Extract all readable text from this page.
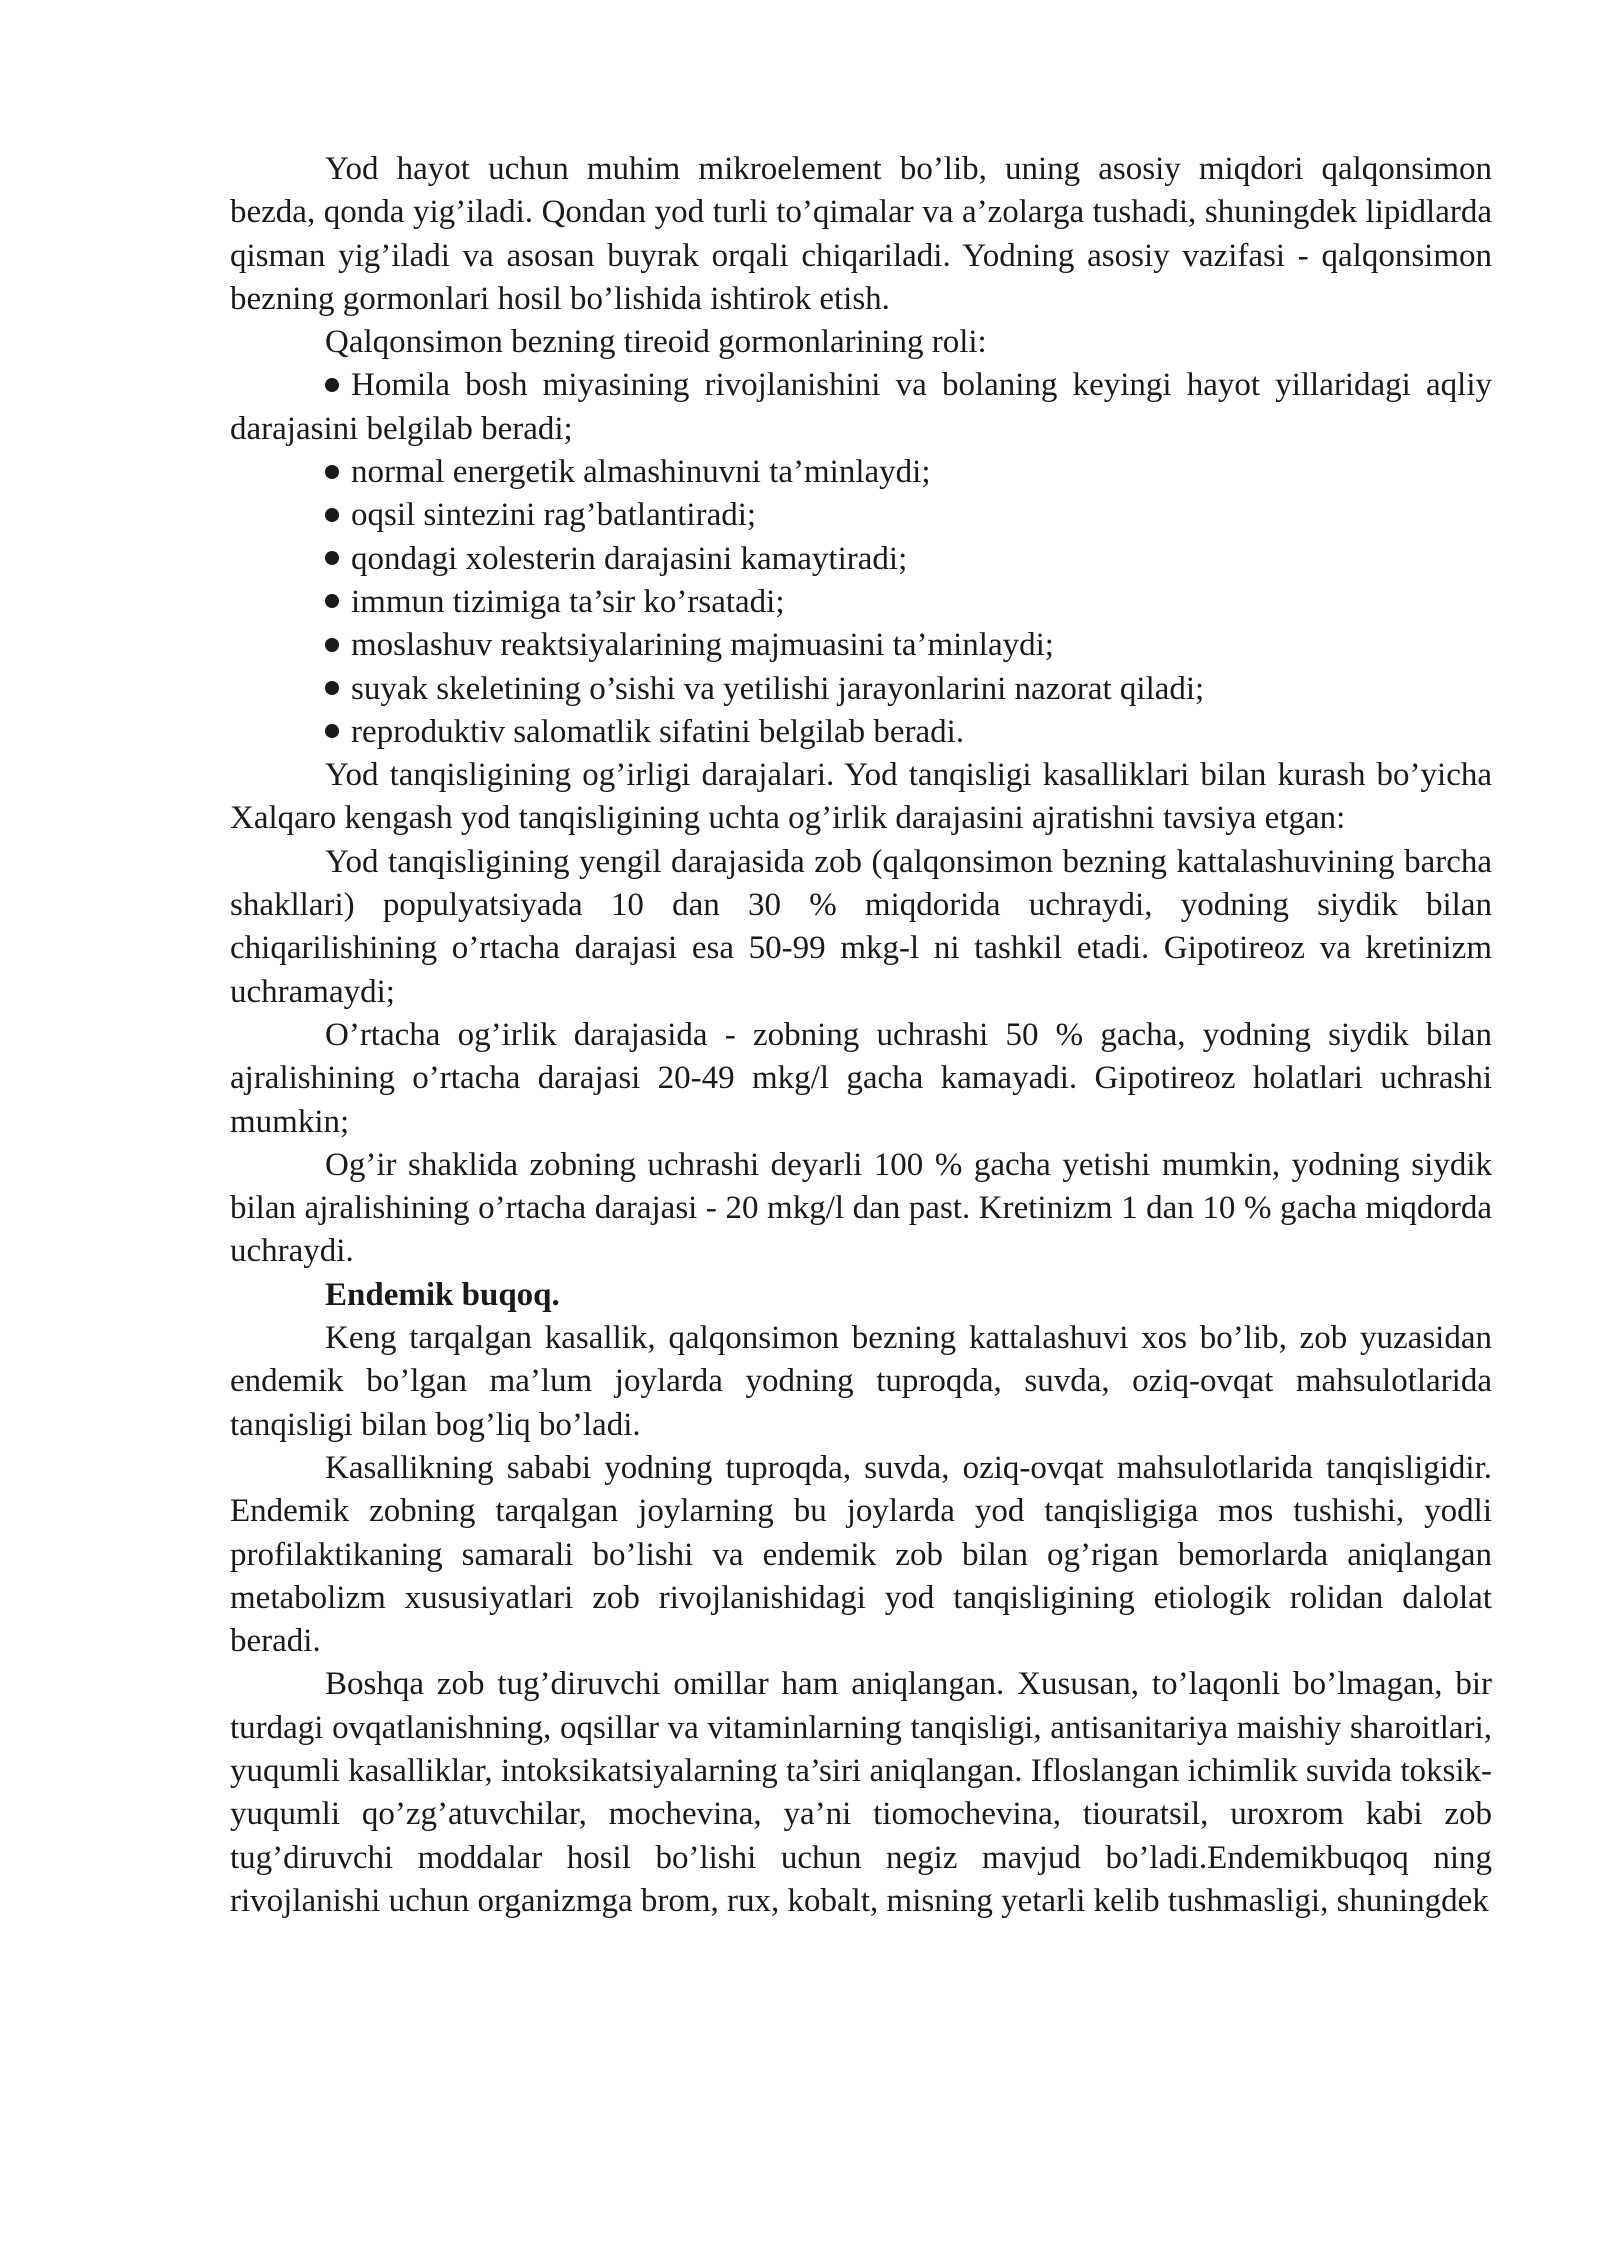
Yod hayot uchun muhim mikroelement bo’lib, uning asosiy miqdori qalqonsimon bezda, qonda yig’iladi. Qondan yod turli to’qimalar va a’zolarga tushadi, shuningdek lipidlarda qisman yig’iladi va asosan buyrak orqali chiqariladi. Yodning asosiy vazifasi - qalqonsimon bezning gormonlari hosil bo’lishida ishtirok etish.

Qalqonsimon bezning tireoid gormonlarining roli:

Homila bosh miyasining rivojlanishini va bolaning keyingi hayot yillaridagi aqliy darajasini belgilab beradi;
normal energetik almashinuvni ta’minlaydi;
oqsil sintezini rag’batlantiradi;
qondagi xolesterin darajasini kamaytiradi;
immun tizimiga ta’sir ko’rsatadi;
moslashuv reaktsiyalarining majmuasini ta’minlaydi;
suyak skeletining o’sishi va yetilishi jarayonlarini nazorat qiladi;
reproduktiv salomatlik sifatini belgilab beradi.

Yod tanqisligining og’irligi darajalari. Yod tanqisligi kasalliklari bilan kurash bo’yicha Xalqaro kengash yod tanqisligining uchta og’irlik darajasini ajratishni tavsiya etgan:

Yod tanqisligining yengil darajasida zob (qalqonsimon bezning kattalashuvining barcha shakllari) populyatsiyada 10 dan 30 % miqdorida uchraydi, yodning siydik bilan chiqarilishining o’rtacha darajasi esa 50-99 mkg-l ni tashkil etadi. Gipotireoz va kretinizm uchramaydi;

O’rtacha og’irlik darajasida - zobning uchrashi 50 % gacha, yodning siydik bilan ajralishining o’rtacha darajasi 20-49 mkg/l gacha kamayadi. Gipotireoz holatlari uchrashi mumkin;

Og’ir shaklida zobning uchrashi deyarli 100 % gacha yetishi mumkin, yodning siydik bilan ajralishining o’rtacha darajasi - 20 mkg/l dan past. Kretinizm 1 dan 10 % gacha miqdorda uchraydi.

Endemik buqoq.

Keng tarqalgan kasallik, qalqonsimon bezning kattalashuvi xos bo’lib, zob yuzasidan endemik bo’lgan ma’lum joylarda yodning tuproqda, suvda, oziq-ovqat mahsulotlarida tanqisligi bilan bog’liq bo’ladi.

Kasallikning sababi yodning tuproqda, suvda, oziq-ovqat mahsulotlarida tanqisligidir. Endemik zobning tarqalgan joylarning bu joylarda yod tanqisligiga mos tushishi, yodli profilaktikaning samarali bo’lishi va endemik zob bilan og’rigan bemorlarda aniqlangan metabolizm xususiyatlari zob rivojlanishidagi yod tanqisligining etiologik rolidan dalolat beradi.

Boshqa zob tug’diruvchi omillar ham aniqlangan. Xususan, to’laqonli bo’lmagan, bir turdagi ovqatlanishning, oqsillar va vitaminlarning tanqisligi, antisanitariya maishiy sharoitlari, yuqumli kasalliklar, intoksikatsiyalarning ta’siri aniqlangan. Ifloslangan ichimlik suvida toksik-yuqumli qo’zg’atuvchilar, mochevina, ya’ni tiomochevina, tiouratsil, uroxrom kabi zob tug’diruvchi moddalar hosil bo’lishi uchun negiz mavjud bo’ladi.Endemikbuqoq ning rivojlanishi uchun organizmga brom, rux, kobalt, misning yetarli kelib tushmasligi, shuningdek
